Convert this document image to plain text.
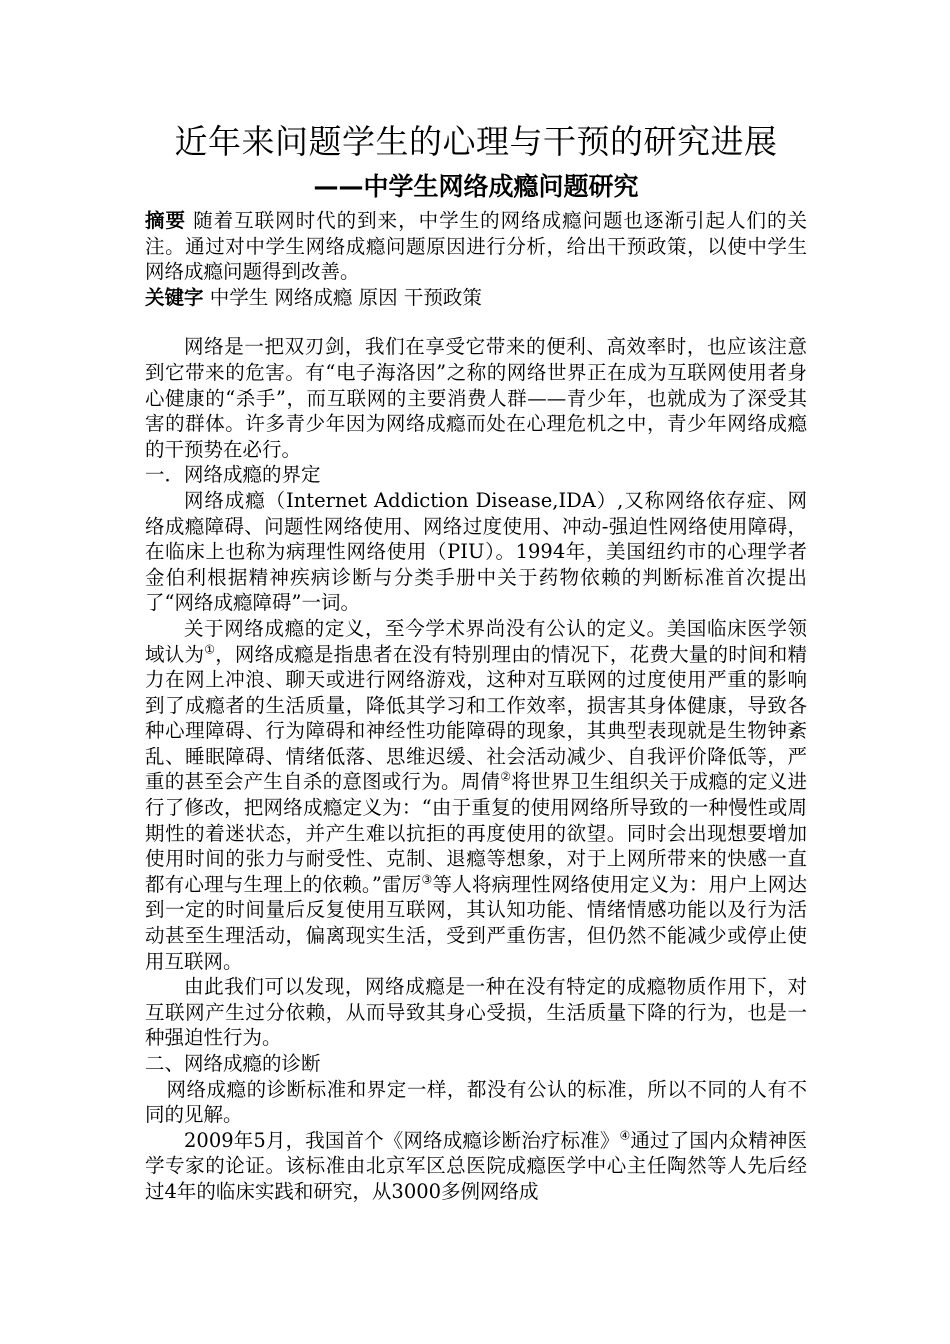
近年来问题学生的心理与干预的研究进展
——中学生网络成瘾问题研究

摘要 随着互联网时代的到来，中学生的网络成瘾问题也逐渐引起人们的关注。通过对中学生网络成瘾问题原因进行分析，给出干预政策，以使中学生网络成瘾问题得到改善。

关键字 中学生 网络成瘾 原因 干预政策

网络是一把双刃剑，我们在享受它带来的便利、高效率时，也应该注意到它带来的危害。有“电子海洛因”之称的网络世界正在成为互联网使用者身心健康的“杀手”，而互联网的主要消费人群——青少年，也就成为了深受其害的群体。许多青少年因为网络成瘾而处在心理危机之中，青少年网络成瘾的干预势在必行。

一．网络成瘾的界定

网络成瘾（Internet Addiction Disease,IDA）,又称网络依存症、网络成瘾障碍、问题性网络使用、网络过度使用、冲动-强迫性网络使用障碍，在临床上也称为病理性网络使用（PIU）。1994年，美国纽约市的心理学者金伯利根据精神疾病诊断与分类手册中关于药物依赖的判断标准首次提出了“网络成瘾障碍”一词。

关于网络成瘾的定义，至今学术界尚没有公认的定义。美国临床医学领域认为①，网络成瘾是指患者在没有特别理由的情况下，花费大量的时间和精力在网上冲浪、聊天或进行网络游戏，这种对互联网的过度使用严重的影响到了成瘾者的生活质量，降低其学习和工作效率，损害其身体健康，导致各种心理障碍、行为障碍和神经性功能障碍的现象，其典型表现就是生物钟紊乱、睡眠障碍、情绪低落、思维迟缓、社会活动减少、自我评价降低等，严重的甚至会产生自杀的意图或行为。周倩②将世界卫生组织关于成瘾的定义进行了修改，把网络成瘾定义为：“由于重复的使用网络所导致的一种慢性或周期性的着迷状态，并产生难以抗拒的再度使用的欲望。同时会出现想要增加使用时间的张力与耐受性、克制、退瘾等想象，对于上网所带来的快感一直都有心理与生理上的依赖。”雷厉③等人将病理性网络使用定义为：用户上网达到一定的时间量后反复使用互联网，其认知功能、情绪情感功能以及行为活动甚至生理活动，偏离现实生活，受到严重伤害，但仍然不能减少或停止使用互联网。

由此我们可以发现，网络成瘾是一种在没有特定的成瘾物质作用下，对互联网产生过分依赖，从而导致其身心受损，生活质量下降的行为，也是一种强迫性行为。

二、网络成瘾的诊断

网络成瘾的诊断标准和界定一样，都没有公认的标准，所以不同的人有不同的见解。

2009年5月，我国首个《网络成瘾诊断治疗标准》④通过了国内众精神医学专家的论证。该标准由北京军区总医院成瘾医学中心主任陶然等人先后经过4年的临床实践和研究，从3000多例网络成
